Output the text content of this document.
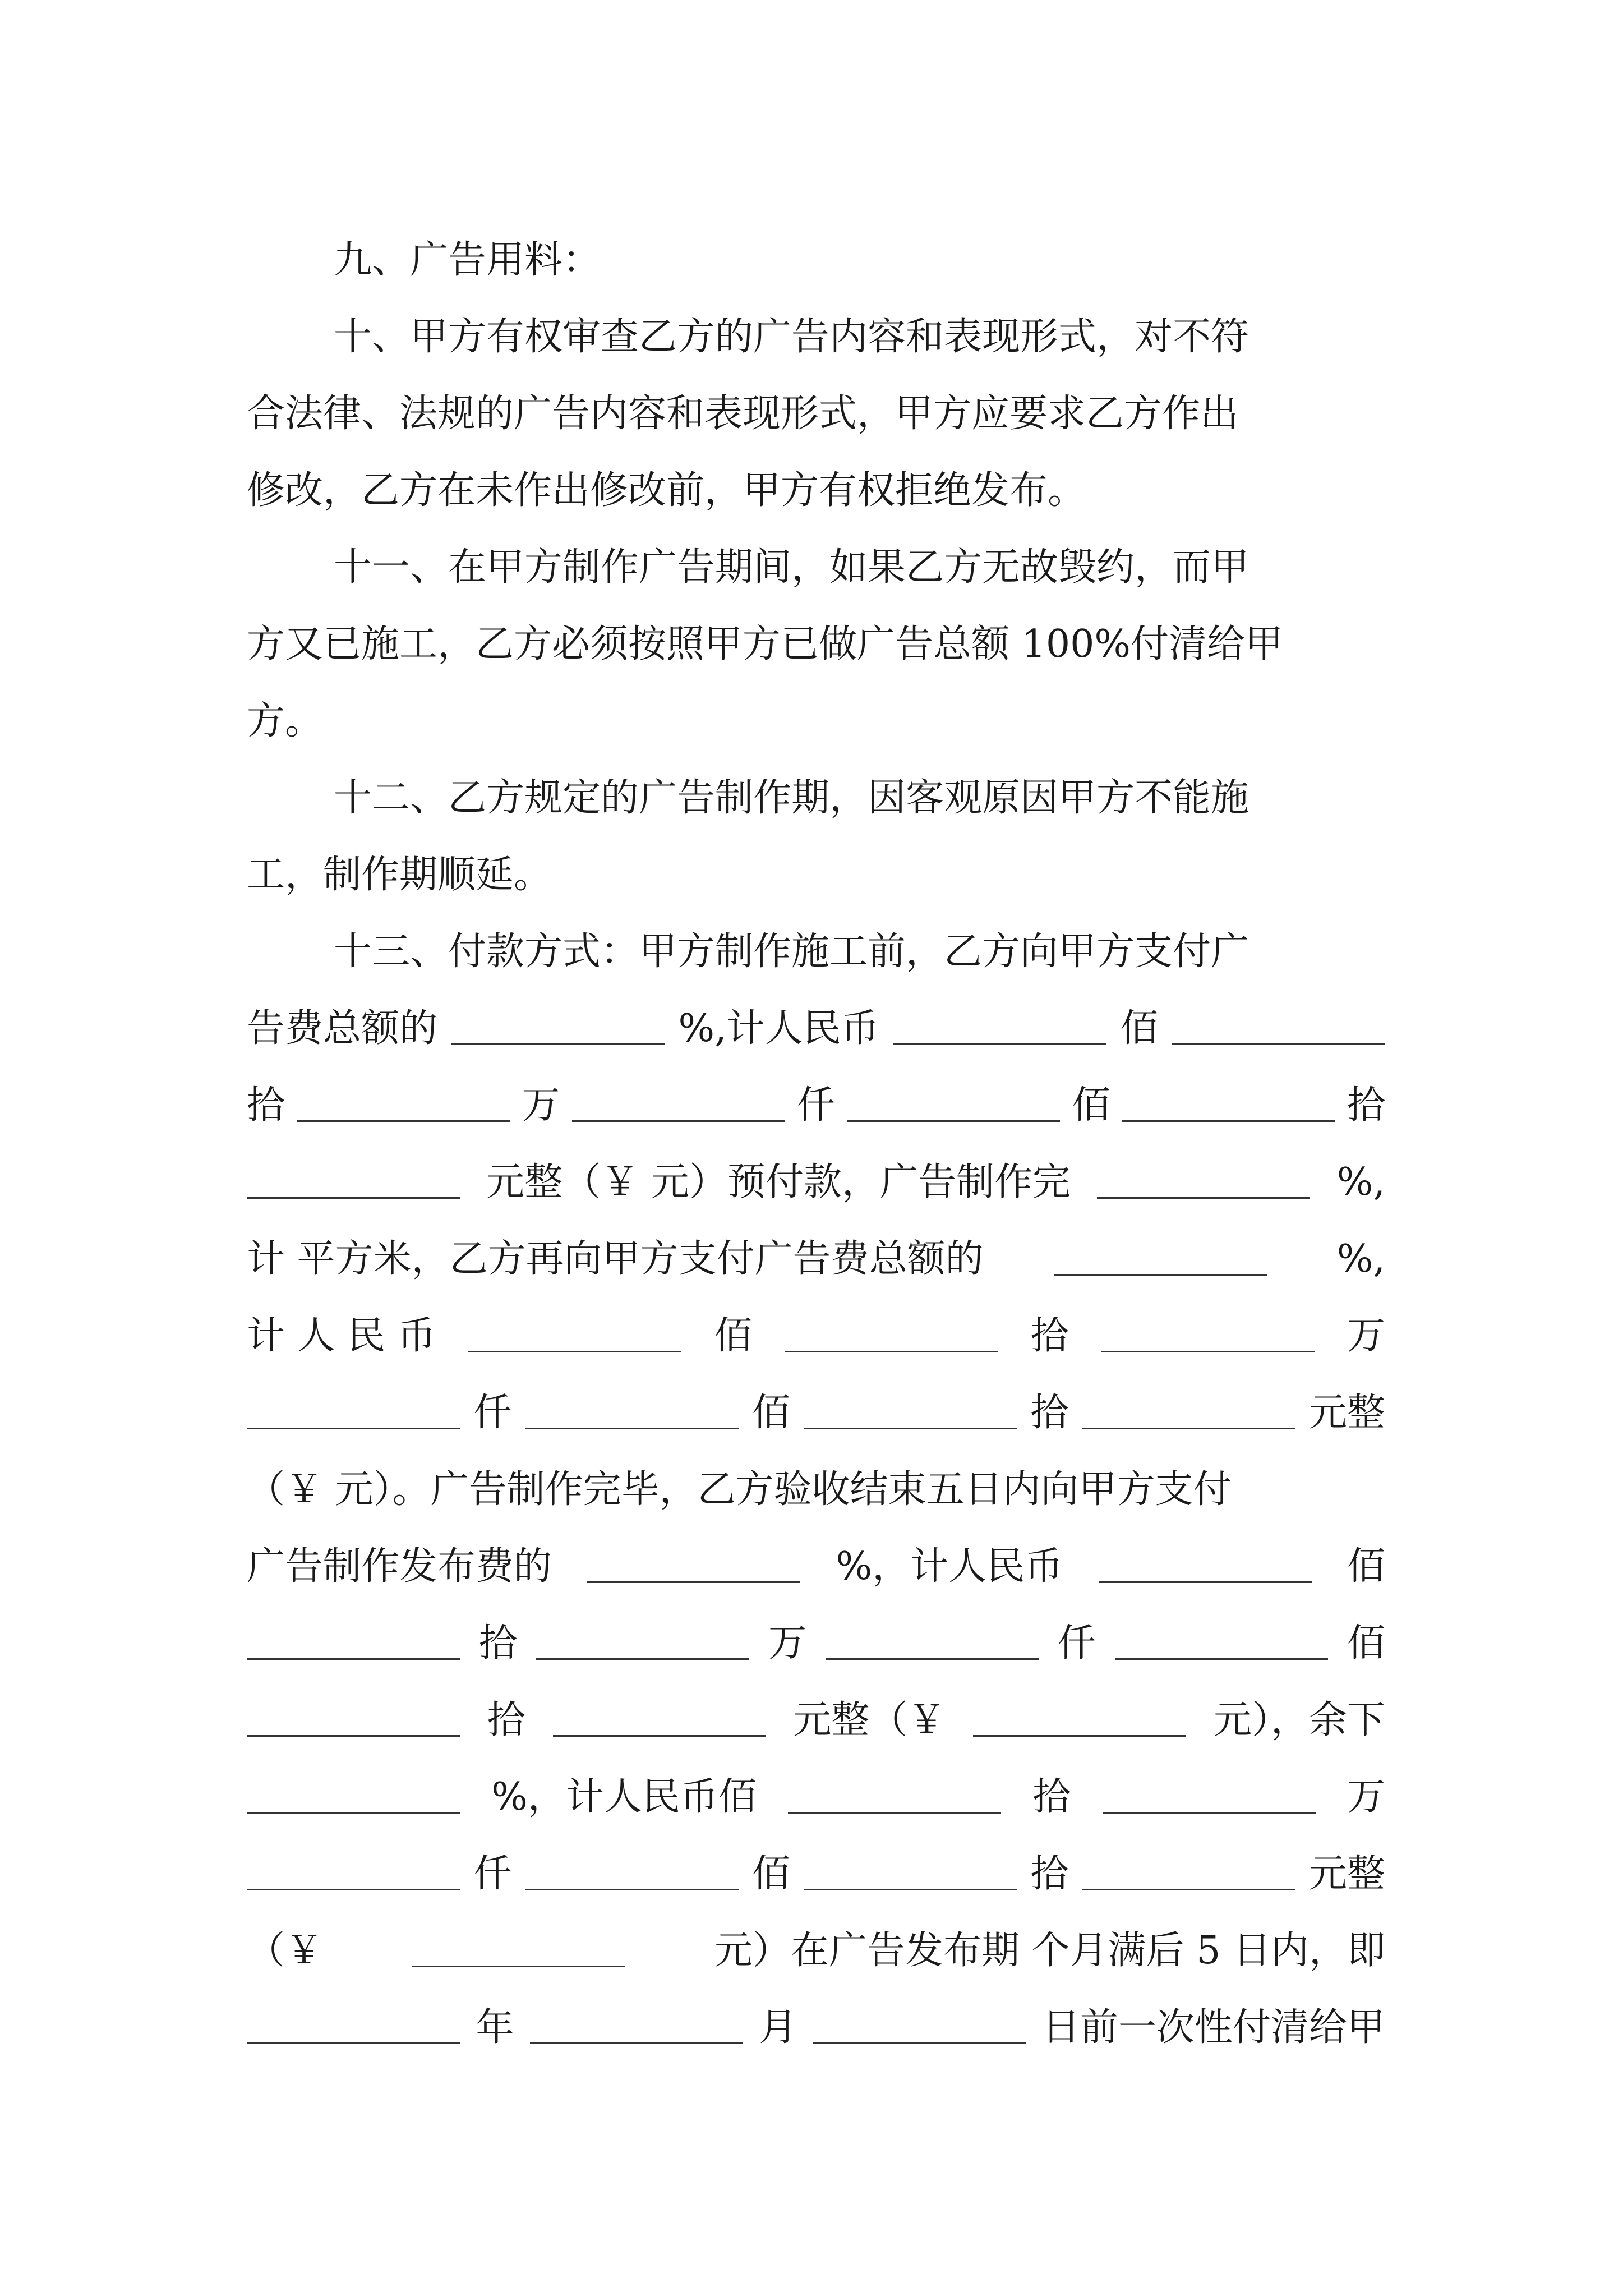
九、广告用料：
十、甲方有权审查乙方的广告内容和表现形式，对不符
合法律、法规的广告内容和表现形式，甲方应要求乙方作出
修改，乙方在未作出修改前，甲方有权拒绝发布。
十一、在甲方制作广告期间，如果乙方无故毁约，而甲
方又已施工，乙方必须按照甲方已做广告总额 100%付清给甲
方。
十二、乙方规定的广告制作期，因客观原因甲方不能施
工，制作期顺延。
十三、付款方式：甲方制作施工前，乙方向甲方支付广
告费总额的	%,计人民币	佰
拾	万	仟	佰	拾
元整（￥ 元）预付款，广告制作完	%,
计 平方米，乙方再向甲方支付广告费总额的	%,
计 人 民 币	佰	拾	万
仟	佰	拾	元整
（￥ 元）。广告制作完毕，乙方验收结束五日内向甲方支付
广告制作发布费的	%，计人民币	佰
拾	万	仟	佰
拾	元整（￥	元），余下
%，计人民币佰	拾	万
仟	佰	拾	元整
（￥	元）在广告发布期 个月满后 5 日内，即
年	月	日前一次性付清给甲
